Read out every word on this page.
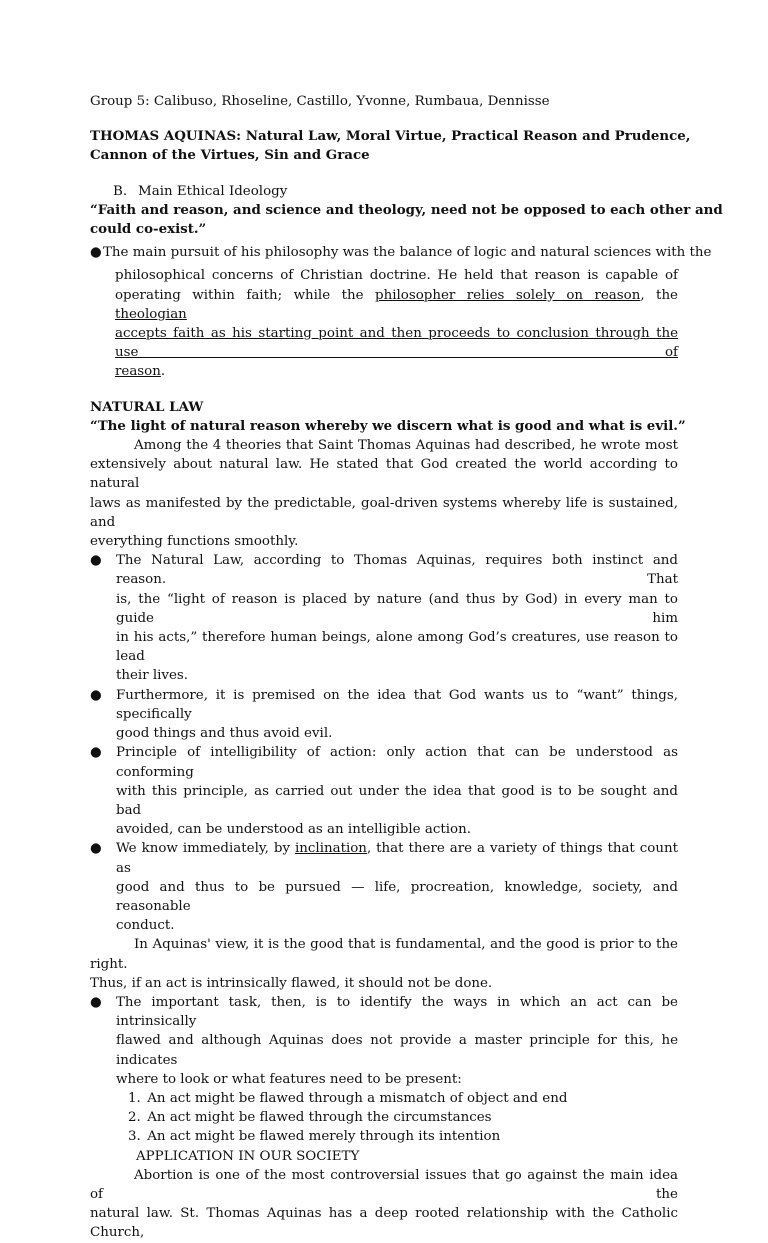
Group 5: Calibuso, Rhoseline, Castillo, Yvonne, Rumbaua, Dennisse
THOMAS AQUINAS: Natural Law, Moral Virtue, Practical Reason and Prudence,
Cannon of the Virtues, Sin and Grace
B. Main Ethical Ideology
“Faith and reason, and science and theology, need not be opposed to each other and
could co-exist.”
●The main pursuit of his philosophy was the balance of logic and natural sciences with the
philosophical concerns of Christian doctrine. He held that reason is capable of
operating within faith; while the philosopher relies solely on reason, the theologian
accepts faith as his starting point and then proceeds to conclusion through the use of
reason.
NATURAL LAW
“The light of natural reason whereby we discern what is good and what is evil.”
Among the 4 theories that Saint Thomas Aquinas had described, he wrote most
extensively about natural law. He stated that God created the world according to natural
laws as manifested by the predictable, goal-driven systems whereby life is sustained, and
everything functions smoothly.
● The Natural Law, according to Thomas Aquinas, requires both instinct and reason. That
is, the “light of reason is placed by nature (and thus by God) in every man to guide him
in his acts,” therefore human beings, alone among God’s creatures, use reason to lead
their lives.
● Furthermore, it is premised on the idea that God wants us to “want” things, specifically
good things and thus avoid evil.
● Principle of intelligibility of action: only action that can be understood as conforming
with this principle, as carried out under the idea that good is to be sought and bad
avoided, can be understood as an intelligible action.
● We know immediately, by inclination, that there are a variety of things that count as
good and thus to be pursued — life, procreation, knowledge, society, and reasonable
conduct.
In Aquinas' view, it is the good that is fundamental, and the good is prior to the right.
Thus, if an act is intrinsically flawed, it should not be done.
● The important task, then, is to identify the ways in which an act can be intrinsically
flawed and although Aquinas does not provide a master principle for this, he indicates
where to look or what features need to be present:
1. An act might be flawed through a mismatch of object and end
2. An act might be flawed through the circumstances
3. An act might be flawed merely through its intention
APPLICATION IN OUR SOCIETY
Abortion is one of the most controversial issues that go against the main idea of the
natural law. St. Thomas Aquinas has a deep rooted relationship with the Catholic Church,
